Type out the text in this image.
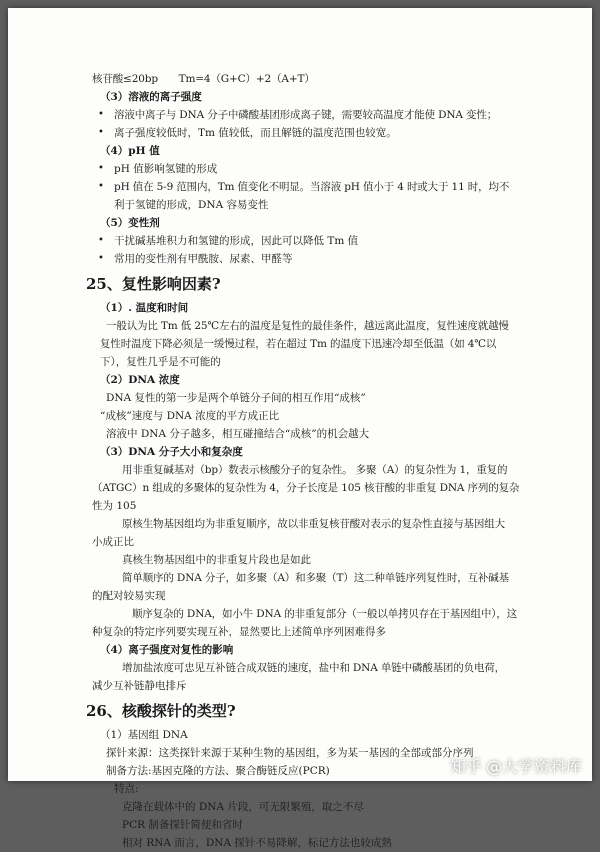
核苷酸≤20bp　　Tm=4（G+C）+2（A+T）
（3）溶液的离子强度
• 溶液中离子与 DNA 分子中磷酸基团形成离子键，需要较高温度才能使 DNA 变性；
• 离子强度较低时，Tm 值较低，而且解链的温度范围也较宽。
（4）pH 值
• pH 值影响氢键的形成
• pH 值在 5-9 范围内，Tm 值变化不明显。当溶液 pH 值小于 4 时或大于 11 时，均不
利于氢键的形成，DNA 容易变性
（5）变性剂
• 干扰碱基堆积力和氢键的形成，因此可以降低 Tm 值
• 常用的变性剂有甲酰胺、尿素、甲醛等
25、复性影响因素?
（1）. 温度和时间
一般认为比 Tm 低 25℃左右的温度是复性的最佳条件，越远离此温度，复性速度就越慢
复性时温度下降必须是一缓慢过程，若在超过 Tm 的温度下迅速冷却至低温（如 4℃以
下），复性几乎是不可能的
（2）DNA 浓度
DNA 复性的第一步是两个单链分子间的相互作用“成核”
“成核”速度与 DNA 浓度的平方成正比
溶液中 DNA 分子越多，相互碰撞结合“成核”的机会越大
（3）DNA 分子大小和复杂度
用非重复碱基对（bp）数表示核酸分子的复杂性。 多聚（A）的复杂性为 1，重复的
（ATGC）n 组成的多聚体的复杂性为 4，分子长度是 105 核苷酸的非重复 DNA 序列的复杂
性为 105
原核生物基因组均为非重复顺序，故以非重复核苷酸对表示的复杂性直接与基因组大
小成正比
真核生物基因组中的非重复片段也是如此
简单顺序的 DNA 分子，如多聚（A）和多聚（T）这二种单链序列复性时，互补碱基
的配对较易实现
顺序复杂的 DNA，如小牛 DNA 的非重复部分（一般以单拷贝存在于基因组中），这
种复杂的特定序列要实现互补，显然要比上述简单序列困难得多
（4）离子强度对复性的影响
增加盐浓度可忠见互补链合成双链的速度，盐中和 DNA 单链中磷酸基团的负电荷，
减少互补链静电排斥
26、核酸探针的类型?
（1）基因组 DNA
探针来源：这类探针来源于某种生物的基因组，多为某一基因的全部或部分序列
制备方法:基因克隆的方法、聚合酶链反应(PCR)
特点:
克隆在载体中的 DNA 片段，可无限繁殖，取之不尽
PCR 制备探针简便和省时
相对 RNA 而言，DNA 探针不易降解，标记方法也较成熟
知乎 @大学资料库
